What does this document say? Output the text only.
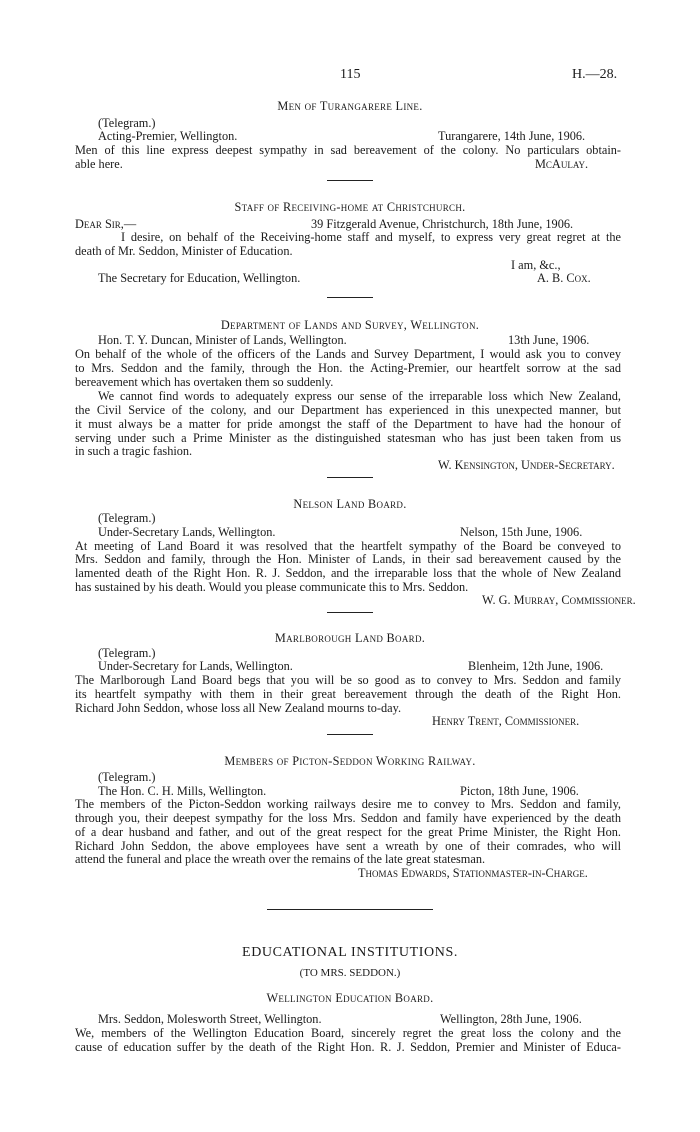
115	H.—28.
Men of Turangarere Line.
(Telegram.)
Acting-Premier, Wellington.	Turangarere, 14th June, 1906.
Men of this line express deepest sympathy in sad bereavement of the colony. No particulars obtain-
able here.	McAulay.
Staff of Receiving-home at Christchurch.
Dear Sir,—	39 Fitzgerald Avenue, Christchurch, 18th June, 1906.
I desire, on behalf of the Receiving-home staff and myself, to express very great regret at the
death of Mr. Seddon, Minister of Education.
I am, &c.,
The Secretary for Education, Wellington.	A. B. Cox.
Department of Lands and Survey, Wellington.
Hon. T. Y. Duncan, Minister of Lands, Wellington.	13th June, 1906.
On behalf of the whole of the officers of the Lands and Survey Department, I would ask you to convey
to Mrs. Seddon and the family, through the Hon. the Acting-Premier, our heartfelt sorrow at the sad
bereavement which has overtaken them so suddenly.
We cannot find words to adequately express our sense of the irreparable loss which New Zealand,
the Civil Service of the colony, and our Department has experienced in this unexpected manner, but
it must always be a matter for pride amongst the staff of the Department to have had the honour of
serving under such a Prime Minister as the distinguished statesman who has just been taken from us
in such a tragic fashion.
W. Kensington, Under-Secretary.
Nelson Land Board.
(Telegram.)
Under-Secretary Lands, Wellington.	Nelson, 15th June, 1906.
At meeting of Land Board it was resolved that the heartfelt sympathy of the Board be conveyed to
Mrs. Seddon and family, through the Hon. Minister of Lands, in their sad bereavement caused by the
lamented death of the Right Hon. R. J. Seddon, and the irreparable loss that the whole of New Zealand
has sustained by his death. Would you please communicate this to Mrs. Seddon.
W. G. Murray, Commissioner.
Marlborough Land Board.
(Telegram.)
Under-Secretary for Lands, Wellington.	Blenheim, 12th June, 1906.
The Marlborough Land Board begs that you will be so good as to convey to Mrs. Seddon and family
its heartfelt sympathy with them in their great bereavement through the death of the Right Hon.
Richard John Seddon, whose loss all New Zealand mourns to-day.
Henry Trent, Commissioner.
Members of Picton-Seddon Working Railway.
(Telegram.)
The Hon. C. H. Mills, Wellington.	Picton, 18th June, 1906.
The members of the Picton-Seddon working railways desire me to convey to Mrs. Seddon and family,
through you, their deepest sympathy for the loss Mrs. Seddon and family have experienced by the death
of a dear husband and father, and out of the great respect for the great Prime Minister, the Right Hon.
Richard John Seddon, the above employees have sent a wreath by one of their comrades, who will
attend the funeral and place the wreath over the remains of the late great statesman.
Thomas Edwards, Stationmaster-in-Charge.
EDUCATIONAL INSTITUTIONS.
(TO MRS. SEDDON.)
Wellington Education Board.
Mrs. Seddon, Molesworth Street, Wellington.	Wellington, 28th June, 1906.
We, members of the Wellington Education Board, sincerely regret the great loss the colony and the
cause of education suffer by the death of the Right Hon. R. J. Seddon, Premier and Minister of Educa-
